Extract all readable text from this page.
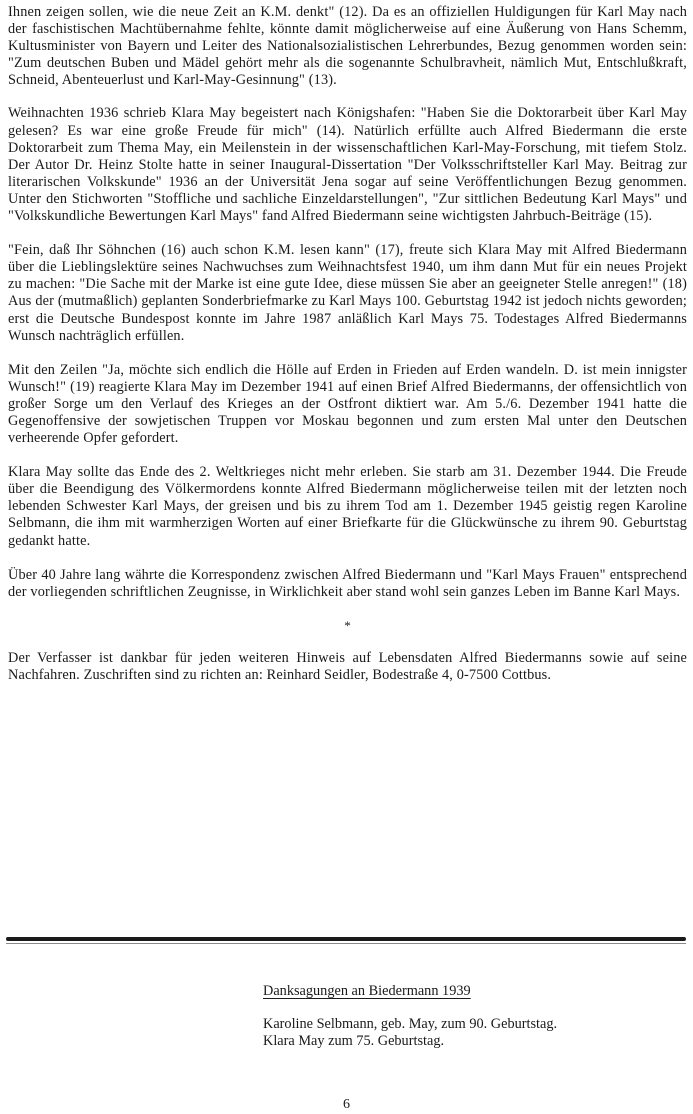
Ihnen zeigen sollen, wie die neue Zeit an K.M. denkt" (12). Da es an offiziellen Huldigungen für Karl May nach der faschistischen Machtübernahme fehlte, könnte damit möglicherweise auf eine Äußerung von Hans Schemm, Kultusminister von Bayern und Leiter des Nationalsozialistischen Lehrerbundes, Bezug genommen worden sein: "Zum deutschen Buben und Mädel gehört mehr als die sogenannte Schulbravheit, nämlich Mut, Entschlußkraft, Schneid, Abenteuerlust und Karl-May-Gesinnung" (13).

Weihnachten 1936 schrieb Klara May begeistert nach Königshafen: "Haben Sie die Doktorarbeit über Karl May gelesen? Es war eine große Freude für mich" (14). Natürlich erfüllte auch Alfred Biedermann die erste Doktorarbeit zum Thema May, ein Meilenstein in der wissenschaftlichen Karl-May-Forschung, mit tiefem Stolz. Der Autor Dr. Heinz Stolte hatte in seiner Inaugural-Dissertation "Der Volksschriftsteller Karl May. Beitrag zur literarischen Volkskunde" 1936 an der Universität Jena sogar auf seine Veröffentlichungen Bezug genommen. Unter den Stichworten "Stoffliche und sachliche Einzeldarstellungen", "Zur sittlichen Bedeutung Karl Mays" und "Volkskundliche Bewertungen Karl Mays" fand Alfred Biedermann seine wichtigsten Jahrbuch-Beiträge (15).

"Fein, daß Ihr Söhnchen (16) auch schon K.M. lesen kann" (17), freute sich Klara May mit Alfred Biedermann über die Lieblingslektüre seines Nachwuchses zum Weihnachtsfest 1940, um ihm dann Mut für ein neues Projekt zu machen: "Die Sache mit der Marke ist eine gute Idee, diese müssen Sie aber an geeigneter Stelle anregen!" (18) Aus der (mutmaßlich) geplanten Sonderbriefmarke zu Karl Mays 100. Geburtstag 1942 ist jedoch nichts geworden; erst die Deutsche Bundespost konnte im Jahre 1987 anläßlich Karl Mays 75. Todestages Alfred Biedermanns Wunsch nachträglich erfüllen.

Mit den Zeilen "Ja, möchte sich endlich die Hölle auf Erden in Frieden auf Erden wandeln. D. ist mein innigster Wunsch!" (19) reagierte Klara May im Dezember 1941 auf einen Brief Alfred Biedermanns, der offensichtlich von großer Sorge um den Verlauf des Krieges an der Ostfront diktiert war. Am 5./6. Dezember 1941 hatte die Gegenoffensive der sowjetischen Truppen vor Moskau begonnen und zum ersten Mal unter den Deutschen verheerende Opfer gefordert.

Klara May sollte das Ende des 2. Weltkrieges nicht mehr erleben. Sie starb am 31. Dezember 1944. Die Freude über die Beendigung des Völkermordens konnte Alfred Biedermann möglicherweise teilen mit der letzten noch lebenden Schwester Karl Mays, der greisen und bis zu ihrem Tod am 1. Dezember 1945 geistig regen Karoline Selbmann, die ihm mit warmherzigen Worten auf einer Briefkarte für die Glückwünsche zu ihrem 90. Geburtstag gedankt hatte.

Über 40 Jahre lang währte die Korrespondenz zwischen Alfred Biedermann und "Karl Mays Frauen" entsprechend der vorliegenden schriftlichen Zeugnisse, in Wirklichkeit aber stand wohl sein ganzes Leben im Banne Karl Mays.

*

Der Verfasser ist dankbar für jeden weiteren Hinweis auf Lebensdaten Alfred Biedermanns sowie auf seine Nachfahren. Zuschriften sind zu richten an: Reinhard Seidler, Bodestraße 4, 0-7500 Cottbus.

Danksagungen an Biedermann 1939

Karoline Selbmann, geb. May, zum 90. Geburtstag.

Klara May zum 75. Geburtstag.

6
